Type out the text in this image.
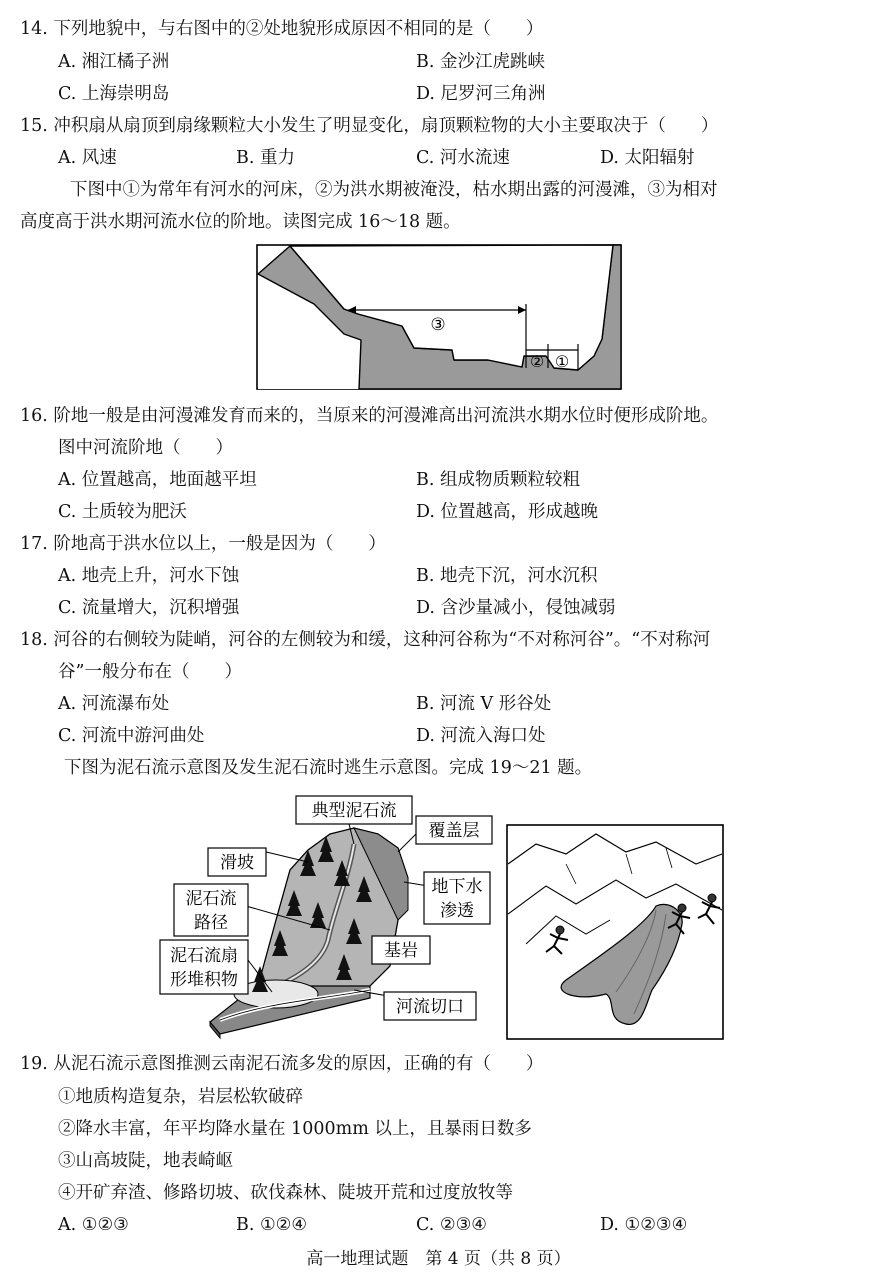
14. 下列地貌中，与右图中的②处地貌形成原因不相同的是（　　）
A. 湘江橘子洲	B. 金沙江虎跳峡
C. 上海崇明岛	D. 尼罗河三角洲
15. 冲积扇从扇顶到扇缘颗粒大小发生了明显变化，扇顶颗粒物的大小主要取决于（　　）
A. 风速	B. 重力	C. 河水流速	D. 太阳辐射
下图中①为常年有河水的河床，②为洪水期被淹没，枯水期出露的河漫滩，③为相对
高度高于洪水期河流水位的阶地。读图完成 16～18 题。
③
② ①
16. 阶地一般是由河漫滩发育而来的，当原来的河漫滩高出河流洪水期水位时便形成阶地。
图中河流阶地（　　）
A. 位置越高，地面越平坦	B. 组成物质颗粒较粗
C. 土质较为肥沃	D. 位置越高，形成越晚
17. 阶地高于洪水位以上，一般是因为（　　）
A. 地壳上升，河水下蚀	B. 地壳下沉，河水沉积
C. 流量增大，沉积增强	D. 含沙量减小，侵蚀减弱
18. 河谷的右侧较为陡峭，河谷的左侧较为和缓，这种河谷称为“不对称河谷”。“不对称河
谷”一般分布在（　　）
A. 河流瀑布处	B. 河流 V 形谷处
C. 河流中游河曲处	D. 河流入海口处
下图为泥石流示意图及发生泥石流时逃生示意图。完成 19～21 题。
典型泥石流
覆盖层
滑坡
地下水
渗透
泥石流
路径
基岩
泥石流扇
形堆积物
河流切口
19. 从泥石流示意图推测云南泥石流多发的原因，正确的有（　　）
①地质构造复杂，岩层松软破碎
②降水丰富，年平均降水量在 1000mm 以上，且暴雨日数多
③山高坡陡，地表崎岖
④开矿弃渣、修路切坡、砍伐森林、陡坡开荒和过度放牧等
A. ①②③	B. ①②④	C. ②③④	D. ①②③④
高一地理试题　第 4 页（共 8 页）
